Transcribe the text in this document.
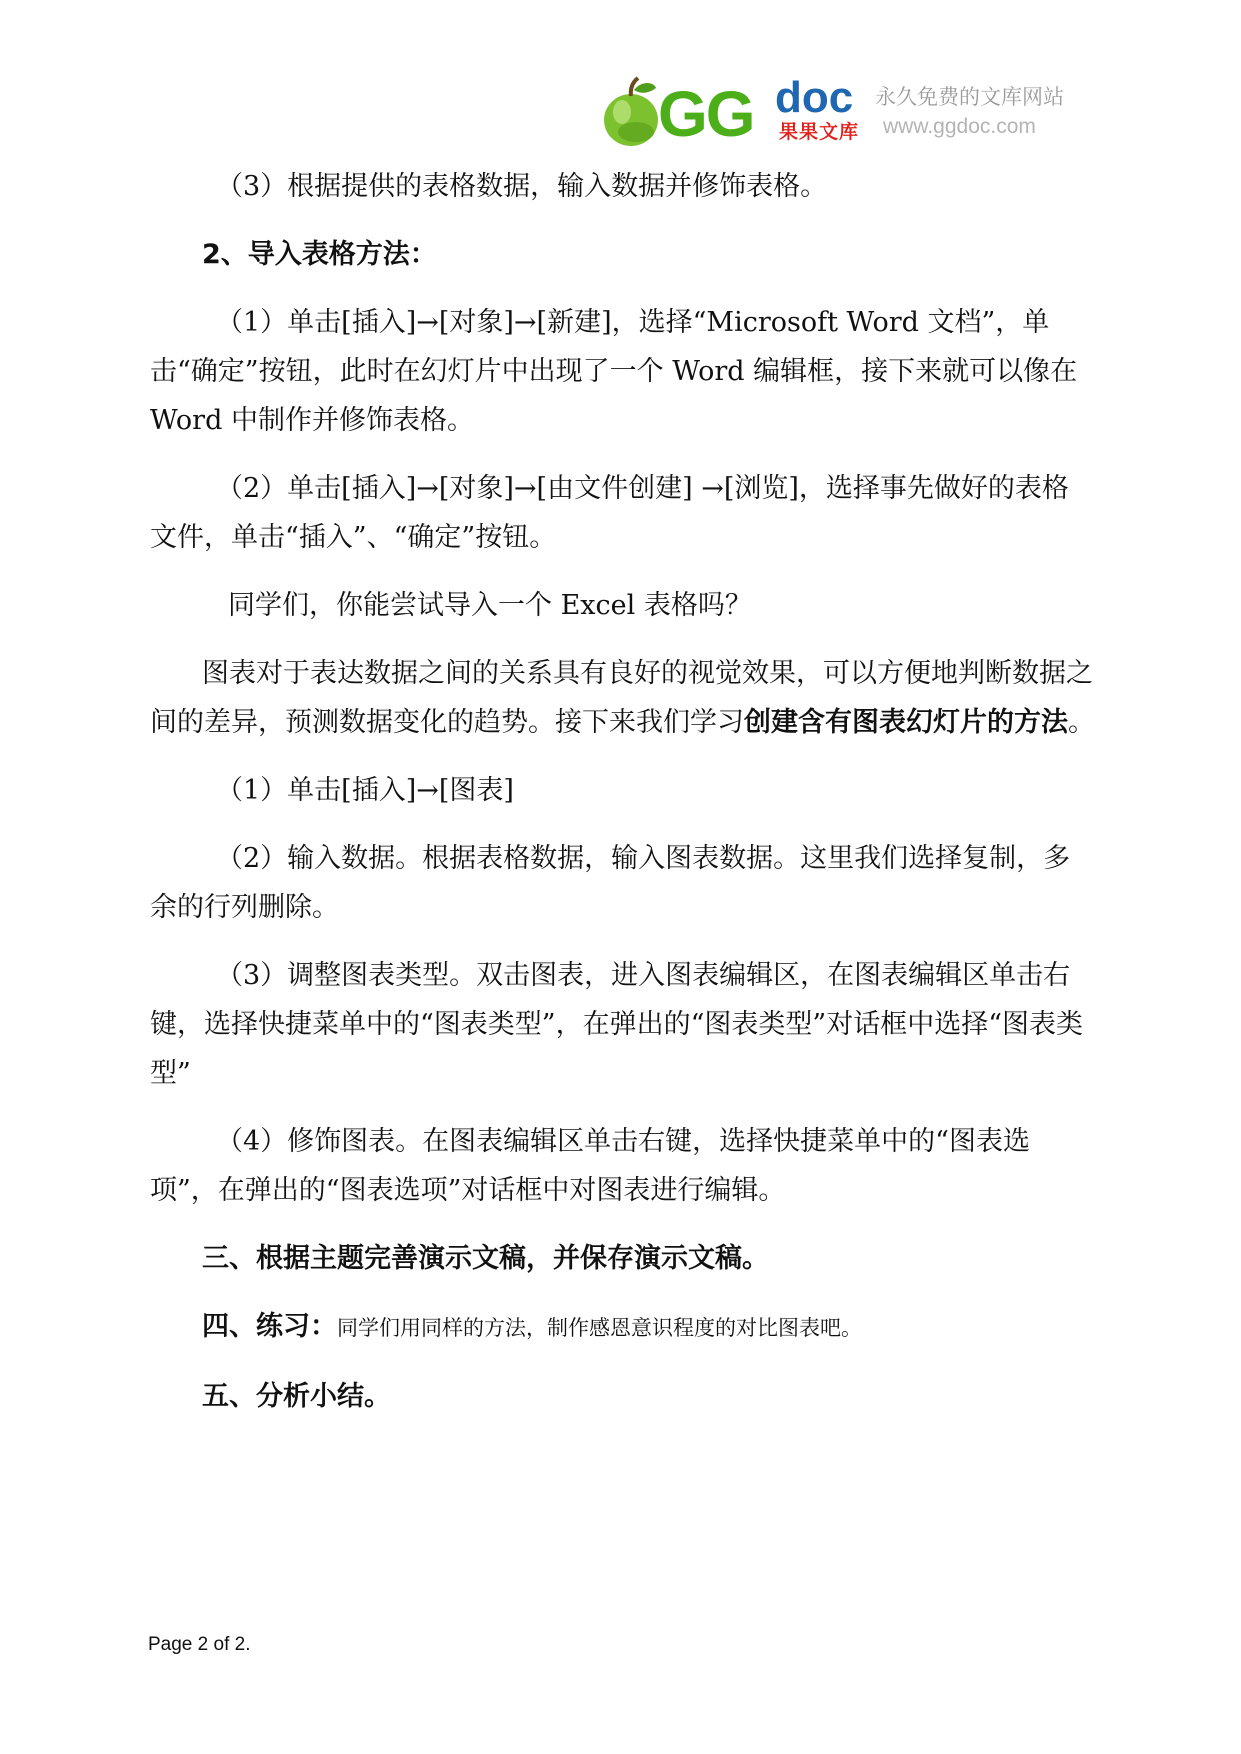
GG doc
果果文库
永久免费的文库网站
www.ggdoc.com

（3）根据提供的表格数据，输入数据并修饰表格。

2、导入表格方法：

（1）单击[插入]→[对象]→[新建]，选择“Microsoft Word 文档”，单击“确定”按钮，此时在幻灯片中出现了一个 Word 编辑框，接下来就可以像在 Word 中制作并修饰表格。

（2）单击[插入]→[对象]→[由文件创建] →[浏览]，选择事先做好的表格文件，单击“插入”、“确定”按钮。

同学们，你能尝试导入一个 Excel 表格吗？

图表对于表达数据之间的关系具有良好的视觉效果，可以方便地判断数据之间的差异，预测数据变化的趋势。接下来我们学习创建含有图表幻灯片的方法。

（1）单击[插入]→[图表]

（2）输入数据。根据表格数据，输入图表数据。这里我们选择复制，多余的行列删除。

（3）调整图表类型。双击图表，进入图表编辑区，在图表编辑区单击右键，选择快捷菜单中的“图表类型”，在弹出的“图表类型”对话框中选择“图表类型”

（4）修饰图表。在图表编辑区单击右键，选择快捷菜单中的“图表选项”，在弹出的“图表选项”对话框中对图表进行编辑。

三、根据主题完善演示文稿，并保存演示文稿。

四、练习：同学们用同样的方法，制作感恩意识程度的对比图表吧。

五、分析小结。

Page 2 of 2.
